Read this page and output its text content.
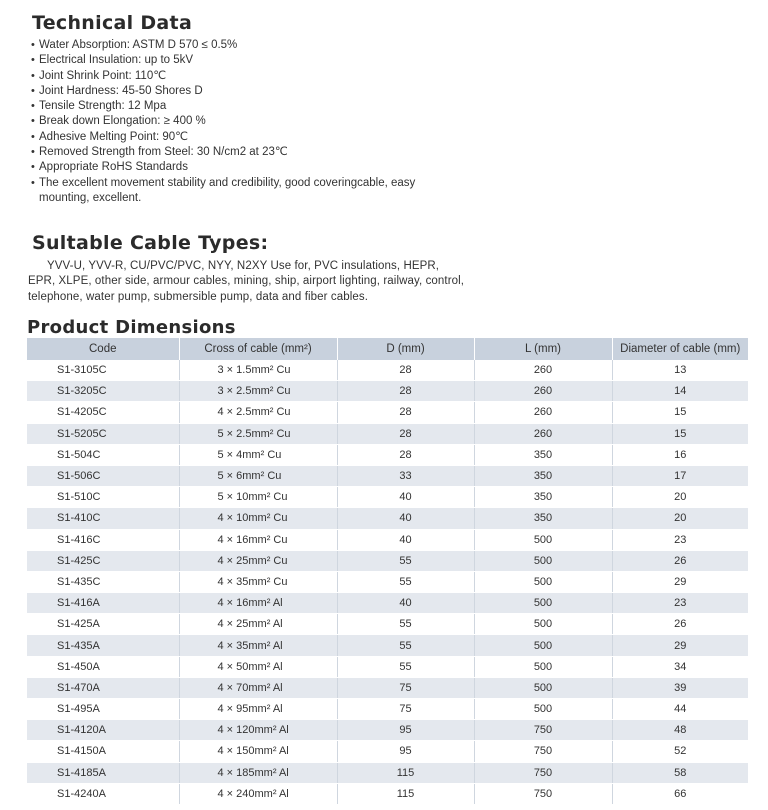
Technical Data
• Water Absorption: ASTM D 570 ≤ 0.5%
• Electrical Insulation: up to 5kV
• Joint Shrink Point: 110℃
• Joint Hardness: 45-50 Shores D
• Tensile Strength: 12 Mpa
• Break down Elongation: ≥ 400 %
• Adhesive Melting Point: 90℃
• Removed Strength from Steel: 30 N/cm2 at 23℃
• Appropriate RoHS Standards
• The excellent movement stability and credibility, good coveringcable, easy
mounting, excellent.
Sultable Cable Types:
YVV-U, YVV-R, CU/PVC/PVC, NYY, N2XY Use for, PVC insulations, HEPR, EPR, XLPE, other side, armour cables, mining, ship, airport lighting, railway, control, telephone, water pump, submersible pump, data and fiber cables.
Product Dimensions
Code	Cross of cable (mm²)	D (mm)	L (mm)	Diameter of cable (mm)
S1-3105C	3 × 1.5mm² Cu	28	260	13
S1-3205C	3 × 2.5mm² Cu	28	260	14
S1-4205C	4 × 2.5mm² Cu	28	260	15
S1-5205C	5 × 2.5mm² Cu	28	260	15
S1-504C	5 × 4mm² Cu	28	350	16
S1-506C	5 × 6mm² Cu	33	350	17
S1-510C	5 × 10mm² Cu	40	350	20
S1-410C	4 × 10mm² Cu	40	350	20
S1-416C	4 × 16mm² Cu	40	500	23
S1-425C	4 × 25mm² Cu	55	500	26
S1-435C	4 × 35mm² Cu	55	500	29
S1-416A	4 × 16mm² Al	40	500	23
S1-425A	4 × 25mm² Al	55	500	26
S1-435A	4 × 35mm² Al	55	500	29
S1-450A	4 × 50mm² Al	55	500	34
S1-470A	4 × 70mm² Al	75	500	39
S1-495A	4 × 95mm² Al	75	500	44
S1-4120A	4 × 120mm² Al	95	750	48
S1-4150A	4 × 150mm² Al	95	750	52
S1-4185A	4 × 185mm² Al	115	750	58
S1-4240A	4 × 240mm² Al	115	750	66
